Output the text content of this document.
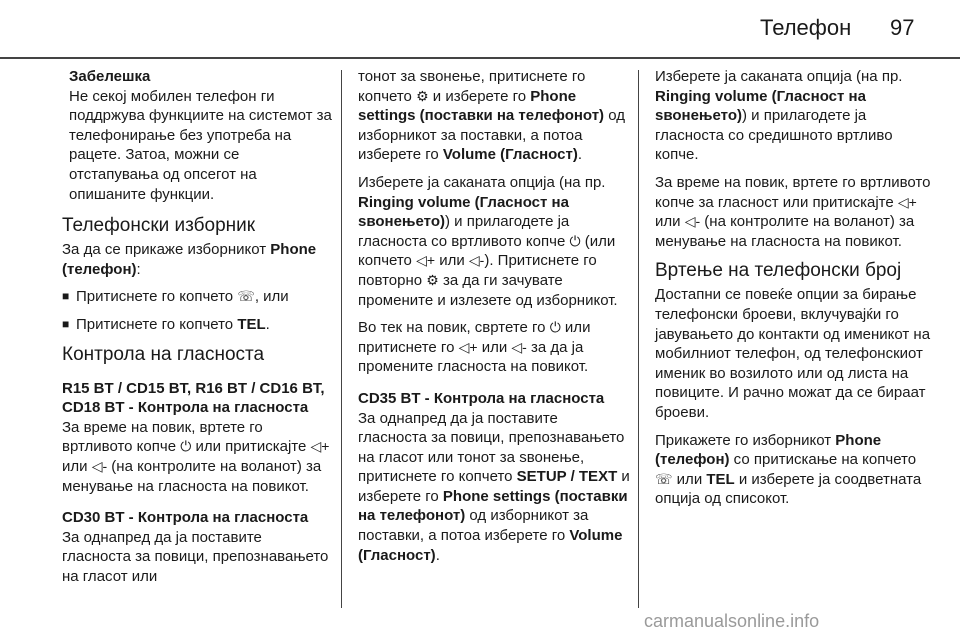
Телефон 97
Забелешка
Не секој мобилен телефон ги поддржува функциите на системот за телефонирање без употреба на рацете. Затоа, можни се отстапувања од опсегот на опишаните функции.
Телефонски изборник

За да се прикаже изборникот Phone (телефон):

■ Притиснете го копчето ☏, или
■ Притиснете го копчето TEL.
Контрола на гласноста
R15 BT / CD15 BT, R16 BT / CD16 BT, CD18 BT - Контрола на гласноста

За време на повик, вртете го вртливото копче ⏻ или притискајте ◁+ или ◁- (на контролите на воланот) за менување на гласноста на повикот.

CD30 BT - Контрола на гласноста

За однапред да ја поставите гласноста за повици, препознавањето на гласот или

тонот за ѕвонење, притиснете го копчето ⚙ и изберете го Phone settings (поставки на телефонот) од изборникот за поставки, а потоа изберете го Volume (Гласност).

Изберете ја сакaната опција (на пр. Ringing volume (Гласност на ѕвонењето)) и прилагодете ја гласноста со вртливото копче ⏻ (или копчето ◁+ или ◁-). Притиснете го повторно ⚙ за да ги зачувате промените и излезете од изборникот.

Во тек на повик, свртете го ⏻ или притиснете го ◁+ или ◁- за да ја промените гласноста на повикот.

CD35 BT - Контрола на гласноста

За однапред да ја поставите гласноста за повици, препознавањето на гласот или тонот за ѕвонење, притиснете го копчето SETUP / TEXT и изберете го Phone settings (поставки на телефонот) од изборникот за поставки, а потоа изберете го Volume (Гласност).

Изберете ја сакaната опција (на пр. Ringing volume (Гласност на ѕвонењето)) и прилагодете ја гласноста со средишното вртливо копче.

За време на повик, вртете го вртливото копче за гласност или притискајте ◁+ или ◁- (на контролите на воланот) за менување на гласноста на повикот.

Вртење на телефонски број

Достапни се повеќе опции за бирање телефонски броеви, вклучувајќи го јавувањето до контакти од именикот на мобилниот телефон, од телефонскиот именик во возилото или од листа на повиците. И рачно можат да се бираат броеви.

Прикажете го изборникот Phone (телефон) со притискање на копчето ☏ или TEL и изберете ја соодветната опција од списокот.

carmanualsonline.info
